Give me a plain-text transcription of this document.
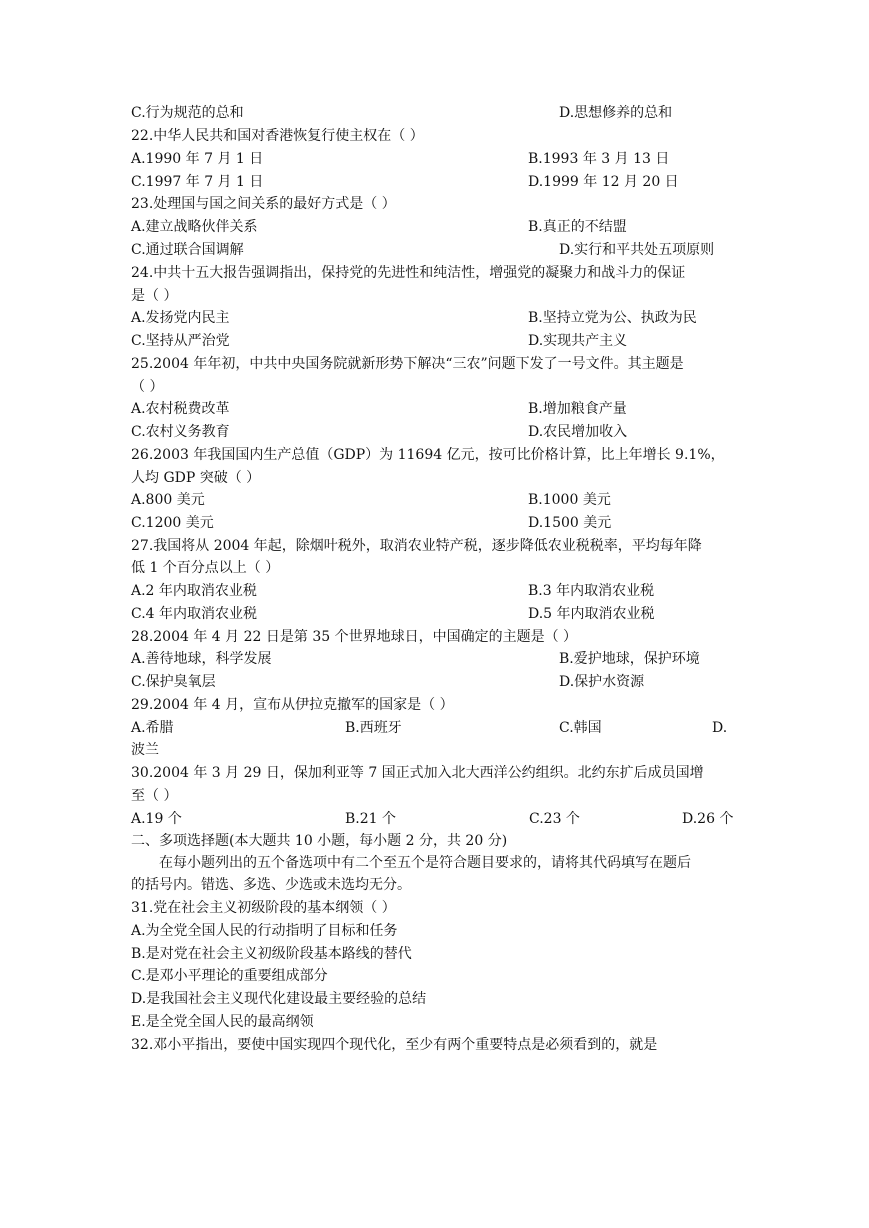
C.行为规范的总和	D.思想修养的总和
22.中华人民共和国对香港恢复行使主权在（ ）
A.1990 年 7 月 1 日	B.1993 年 3 月 13 日
C.1997 年 7 月 1 日	D.1999 年 12 月 20 日
23.处理国与国之间关系的最好方式是（ ）
A.建立战略伙伴关系	B.真正的不结盟
C.通过联合国调解	D.实行和平共处五项原则
24.中共十五大报告强调指出，保持党的先进性和纯洁性，增强党的凝聚力和战斗力的保证
是（ ）
A.发扬党内民主	B.坚持立党为公、执政为民
C.坚持从严治党	D.实现共产主义
25.2004 年年初，中共中央国务院就新形势下解决“三农”问题下发了一号文件。其主题是
（ ）
A.农村税费改革	B.增加粮食产量
C.农村义务教育	D.农民增加收入
26.2003 年我国国内生产总值（GDP）为 11694 亿元，按可比价格计算，比上年增长 9.1%，
人均 GDP 突破（ ）
A.800 美元	B.1000 美元
C.1200 美元	D.1500 美元
27.我国将从 2004 年起，除烟叶税外，取消农业特产税，逐步降低农业税税率，平均每年降
低 1 个百分点以上（ ）
A.2 年内取消农业税	B.3 年内取消农业税
C.4 年内取消农业税	D.5 年内取消农业税
28.2004 年 4 月 22 日是第 35 个世界地球日，中国确定的主题是（ ）
A.善待地球，科学发展	B.爱护地球，保护环境
C.保护臭氧层	D.保护水资源
29.2004 年 4 月，宣布从伊拉克撤军的国家是（ ）
A.希腊	B.西班牙	C.韩国	D.
波兰
30.2004 年 3 月 29 日，保加利亚等 7 国正式加入北大西洋公约组织。北约东扩后成员国增
至（ ）
A.19 个	B.21 个	C.23 个	D.26 个
二、多项选择题(本大题共 10 小题，每小题 2 分，共 20 分)
在每小题列出的五个备选项中有二个至五个是符合题目要求的，请将其代码填写在题后
的括号内。错选、多选、少选或未选均无分。
31.党在社会主义初级阶段的基本纲领（ ）
A.为全党全国人民的行动指明了目标和任务
B.是对党在社会主义初级阶段基本路线的替代
C.是邓小平理论的重要组成部分
D.是我国社会主义现代化建设最主要经验的总结
E.是全党全国人民的最高纲领
32.邓小平指出，要使中国实现四个现代化，至少有两个重要特点是必须看到的，就是
